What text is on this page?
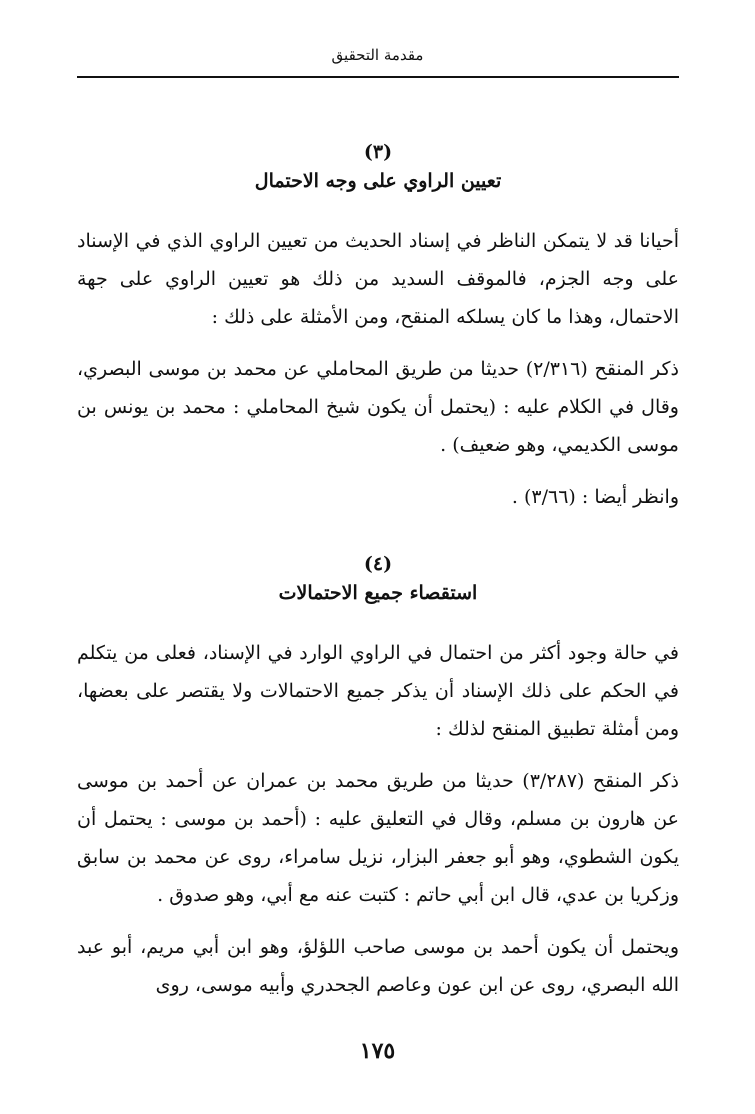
مقدمة التحقيق
(٣)
تعيين الراوي على وجه الاحتمال

أحيانا قد لا يتمكن الناظر في إسناد الحديث من تعيين الراوي الذي في الإسناد على وجه الجزم، فالموقف السديد من ذلك هو تعيين الراوي على جهة الاحتمال، وهذا ما كان يسلكه المنقح، ومن الأمثلة على ذلك :

ذكر المنقح (٢/٣١٦) حديثا من طريق المحاملي عن محمد بن موسى البصري، وقال في الكلام عليه : (يحتمل أن يكون شيخ المحاملي : محمد بن يونس بن موسى الكديمي، وهو ضعيف) .

وانظر أيضا : (٣/٦٦) .

(٤)
استقصاء جميع الاحتمالات

في حالة وجود أكثر من احتمال في الراوي الوارد في الإسناد، فعلى من يتكلم في الحكم على ذلك الإسناد أن يذكر جميع الاحتمالات ولا يقتصر على بعضها، ومن أمثلة تطبيق المنقح لذلك :

ذكر المنقح (٣/٢٨٧) حديثا من طريق محمد بن عمران عن أحمد بن موسى عن هارون بن مسلم، وقال في التعليق عليه : (أحمد بن موسى : يحتمل أن يكون الشطوي، وهو أبو جعفر البزار، نزيل سامراء، روى عن محمد بن سابق وزكريا بن عدي، قال ابن أبي حاتم : كتبت عنه مع أبي، وهو صدوق .

ويحتمل أن يكون أحمد بن موسى صاحب اللؤلؤ، وهو ابن أبي مريم، أبو عبد الله البصري، روى عن ابن عون وعاصم الجحدري وأبيه موسى، روى

١٧٥
